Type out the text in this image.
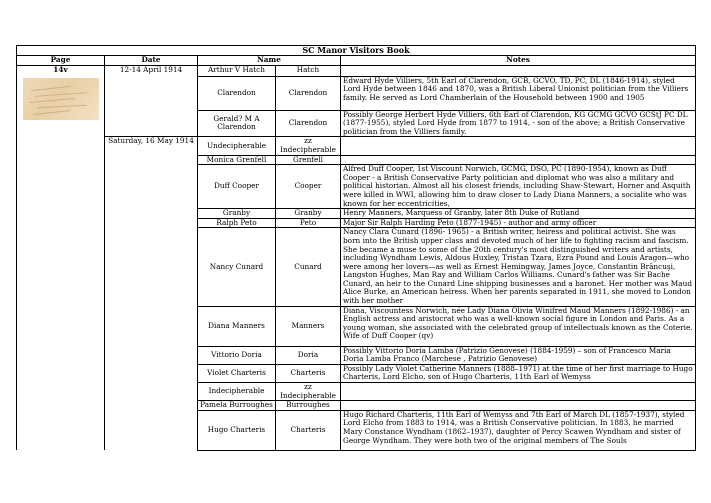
SC Manor Visitors Book				
Page	Date	Name		Notes
14v	12-14 April 1914	Arthur V Hatch	Hatch	
		Clarendon	Clarendon	Edward Hyde Villiers, 5th Earl of Clarendon, GCB, GCVO, TD, PC, DL (1846-1914), styled Lord Hyde between 1846 and 1870, was a British Liberal Unionist politician from the Villiers family. He served as Lord Chamberlain of the Household between 1900 and 1905
		Gerald? M A Clarendon	Clarendon	Possibly George Herbert Hyde Villiers, 6th Earl of Clarendon, KG GCMG GCVO GCStJ PC DL (1877-1955), styled Lord Hyde from 1877 to 1914, - son of the above; a British Conservative politician from the Villiers family.
	Saturday, 16 May 1914	Undecipherable	zz Indecipherable	
		Monica Grenfell	Grenfell	
		Duff Cooper	Cooper	Alfred Duff Cooper, 1st Viscount Norwich, GCMG, DSO, PC (1890-1954), known as Duff Cooper - a British Conservative Party politician and diplomat who was also a military and political historian. Almost all his closest friends, including Shaw-Stewart, Horner and Asquith were killed in WWI, allowing him to draw closer to Lady Diana Manners, a socialite who was known for her eccentricities,
		Granby	Granby	Henry Manners, Marquess of Granby, later 8th Duke of Rutland
		Ralph Peto	Peto	Major Sir Ralph Harding Peto (1877-1945) - author and army officer
		Nancy Cunard	Cunard	Nancy Clara Cunard (1896- 1965) - a British writer, heiress and political activist. She was born into the British upper class and devoted much of her life to fighting racism and fascism. She became a muse to some of the 20th century's most distinguished writers and artists, including Wyndham Lewis, Aldous Huxley, Tristan Tzara, Ezra Pound and Louis Aragon—who were among her lovers—as well as Ernest Hemingway, James Joyce, Constantin Brâncuşi, Langston Hughes, Man Ray and William Carlos Williams. Cunard's father was Sir Bache Cunard, an heir to the Cunard Line shipping businesses and a baronet. Her mother was Maud Alice Burke, an American heiress. When her parents separated in 1911, she moved to London with her mother
		Diana Manners	Manners	Diana, Viscountess Norwich, née Lady Diana Olivia Winifred Maud Manners (1892-1986) - an English actress and aristocrat who was a well-known social figure in London and Paris. As a young woman, she associated with the celebrated group of intellectuals known as the Coterie. Wife of Duff Cooper (qv)
		Vittorio Doria	Doria	Possibly Vittorio Doria Lamba (Patrizio Genovese) (1884-1959) – son of Francesco Maria Doria Lamba Franco (Marchese , Patrizio Genovese)
		Violet Charteris	Charteris	Possibly Lady Violet Catherine Manners (1888–1971) at the time of her first marriage to Hugo Charteris, Lord Elcho, son of Hugo Charteris, 11th Earl of Wemyss
		Indecipherable	zz Indecipherable	
		Pamela Burroughes	Burroughes	
		Hugo Charteris	Charteris	Hugo Richard Charteris, 11th Earl of Wemyss and 7th Earl of March DL (1857-1937), styled Lord Elcho from 1883 to 1914, was a British Conservative politician. In 1883, he married Mary Constance Wyndham (1862–1937), daughter of Percy Scawen Wyndham and sister of George Wyndham. They were both two of the original members of The Souls
